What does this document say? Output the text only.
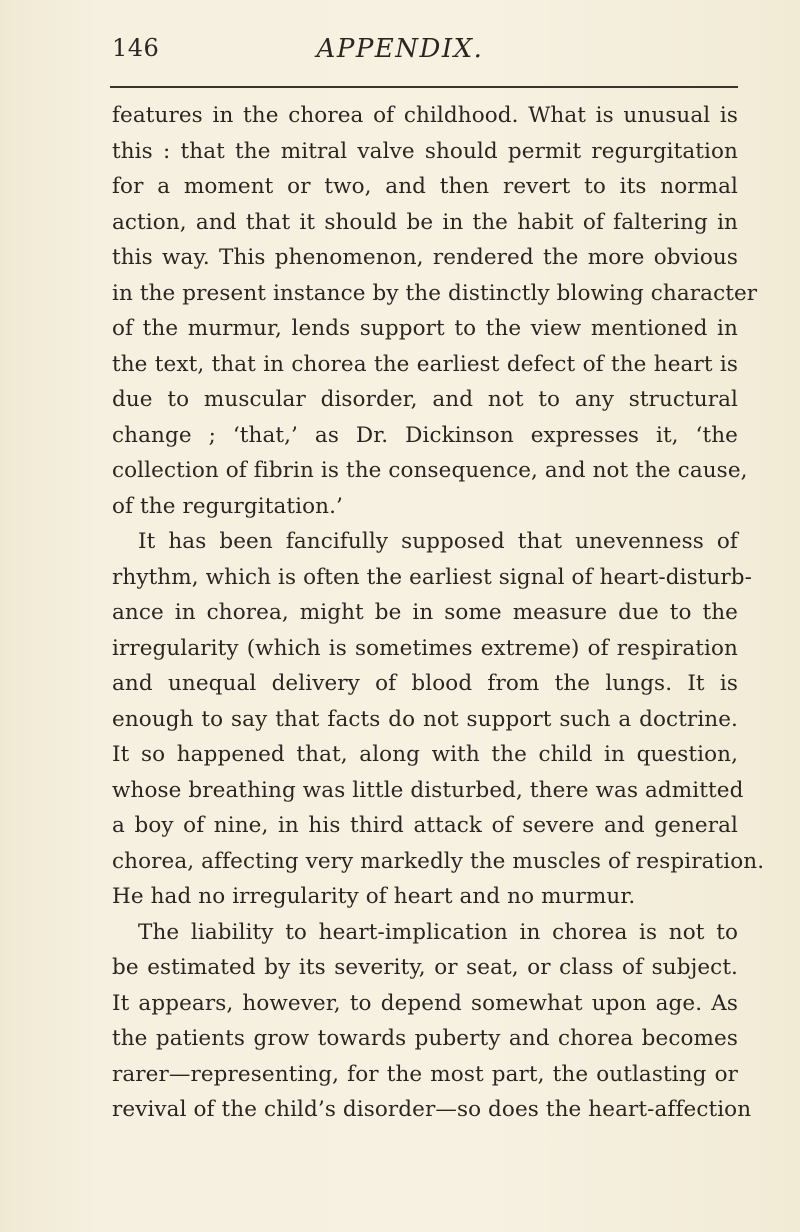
146	APPENDIX.
features in the chorea of childhood. What is unusual is
this : that the mitral valve should permit regurgitation
for a moment or two, and then revert to its normal
action, and that it should be in the habit of faltering in
this way. This phenomenon, rendered the more obvious
in the present instance by the distinctly blowing character
of the murmur, lends support to the view mentioned in
the text, that in chorea the earliest defect of the heart is
due to muscular disorder, and not to any structural
change ; ‘that,’ as Dr. Dickinson expresses it, ‘the
collection of fibrin is the consequence, and not the cause,
of the regurgitation.’
It has been fancifully supposed that unevenness of
rhythm, which is often the earliest signal of heart-disturb-
ance in chorea, might be in some measure due to the
irregularity (which is sometimes extreme) of respiration
and unequal delivery of blood from the lungs. It is
enough to say that facts do not support such a doctrine.
It so happened that, along with the child in question,
whose breathing was little disturbed, there was admitted
a boy of nine, in his third attack of severe and general
chorea, affecting very markedly the muscles of respiration.
He had no irregularity of heart and no murmur.
The liability to heart-implication in chorea is not to
be estimated by its severity, or seat, or class of subject.
It appears, however, to depend somewhat upon age. As
the patients grow towards puberty and chorea becomes
rarer—representing, for the most part, the outlasting or
revival of the child’s disorder—so does the heart-affection
